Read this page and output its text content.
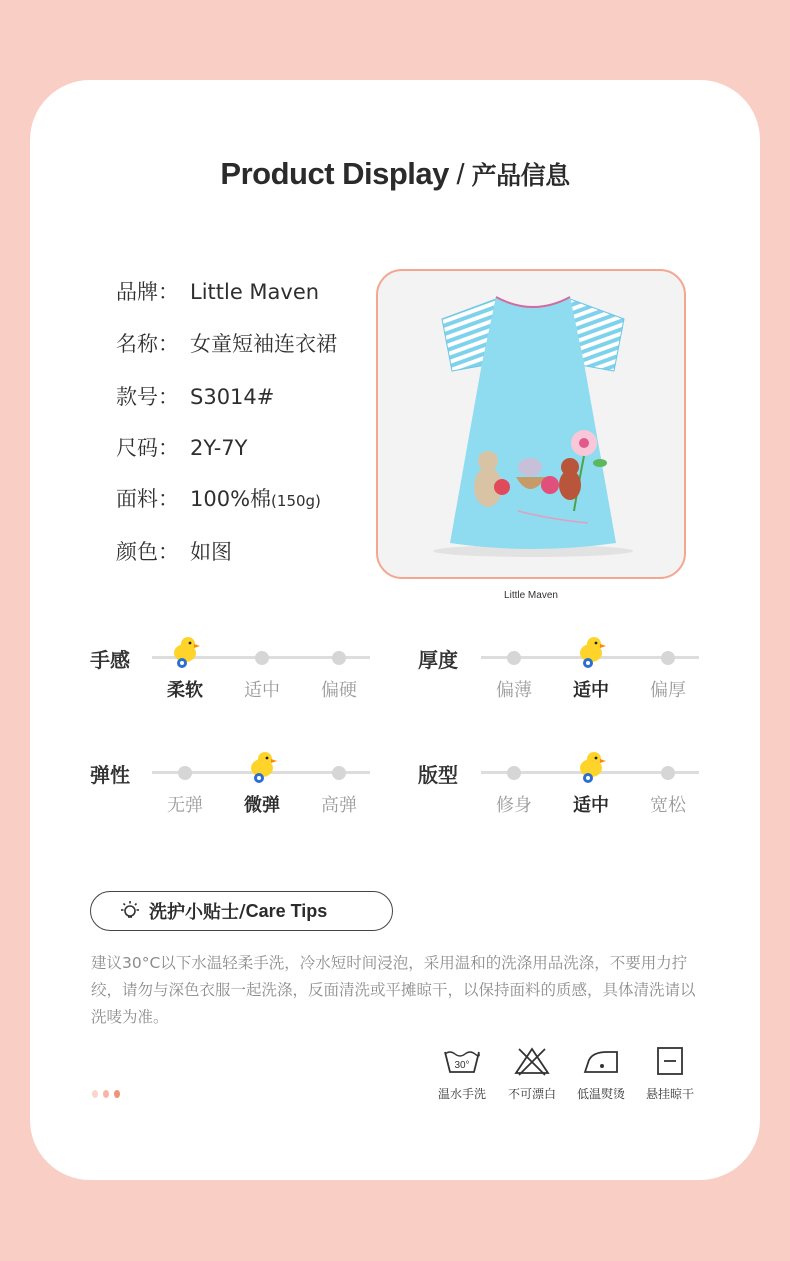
Product Display / 产品信息
品牌： Little Maven
名称： 女童短袖连衣裙
款号： S3014#
尺码： 2Y-7Y
面料： 100%棉(150g)
颜色： 如图
Little Maven
手感
柔软	适中	偏硬
厚度
偏薄	适中	偏厚
弹性
无弹	微弹	高弹
版型
修身	适中	宽松
洗护小贴士 / Care Tips
建议30°C以下水温轻柔手洗，冷水短时间浸泡，采用温和的洗涤用品洗涤，不要用力拧绞，请勿与深色衣服一起洗涤，反面清洗或平摊晾干，以保持面料的质感，具体清洗请以洗唛为准。
30°
温水手洗	不可漂白	低温熨烫	悬挂晾干
